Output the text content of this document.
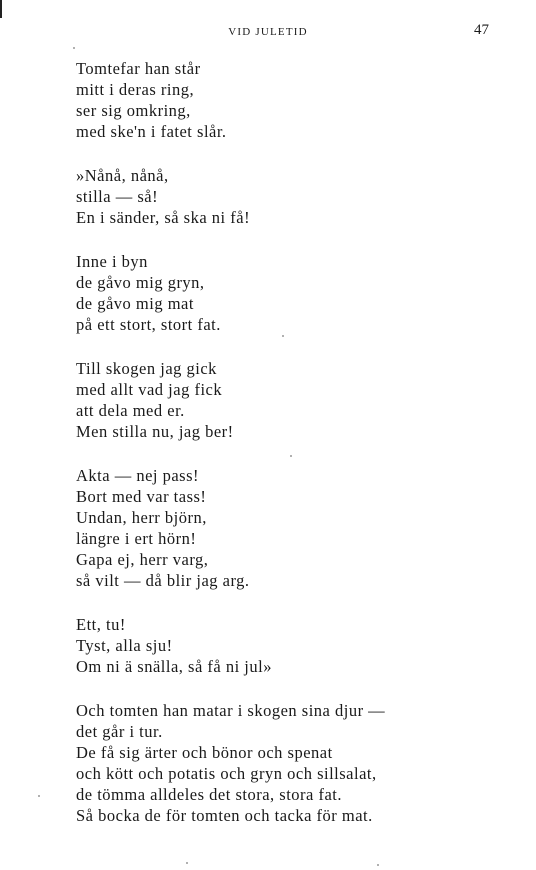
VID JULETID	47
Tomtefar han står
mitt i deras ring,
ser sig omkring,
med ske'n i fatet slår.
»Nånå, nånå,
stilla — så!
En i sänder, så ska ni få!
Inne i byn
de gåvo mig gryn,
de gåvo mig mat
på ett stort, stort fat.
Till skogen jag gick
med allt vad jag fick
att dela med er.
Men stilla nu, jag ber!
Akta — nej pass!
Bort med var tass!
Undan, herr björn,
längre i ert hörn!
Gapa ej, herr varg,
så vilt — då blir jag arg.
Ett, tu!
Tyst, alla sju!
Om ni ä snälla, så få ni jul»
Och tomten han matar i skogen sina djur —
det går i tur.
De få sig ärter och bönor och spenat
och kött och potatis och gryn och sillsalat,
de tömma alldeles det stora, stora fat.
Så bocka de för tomten och tacka för mat.
